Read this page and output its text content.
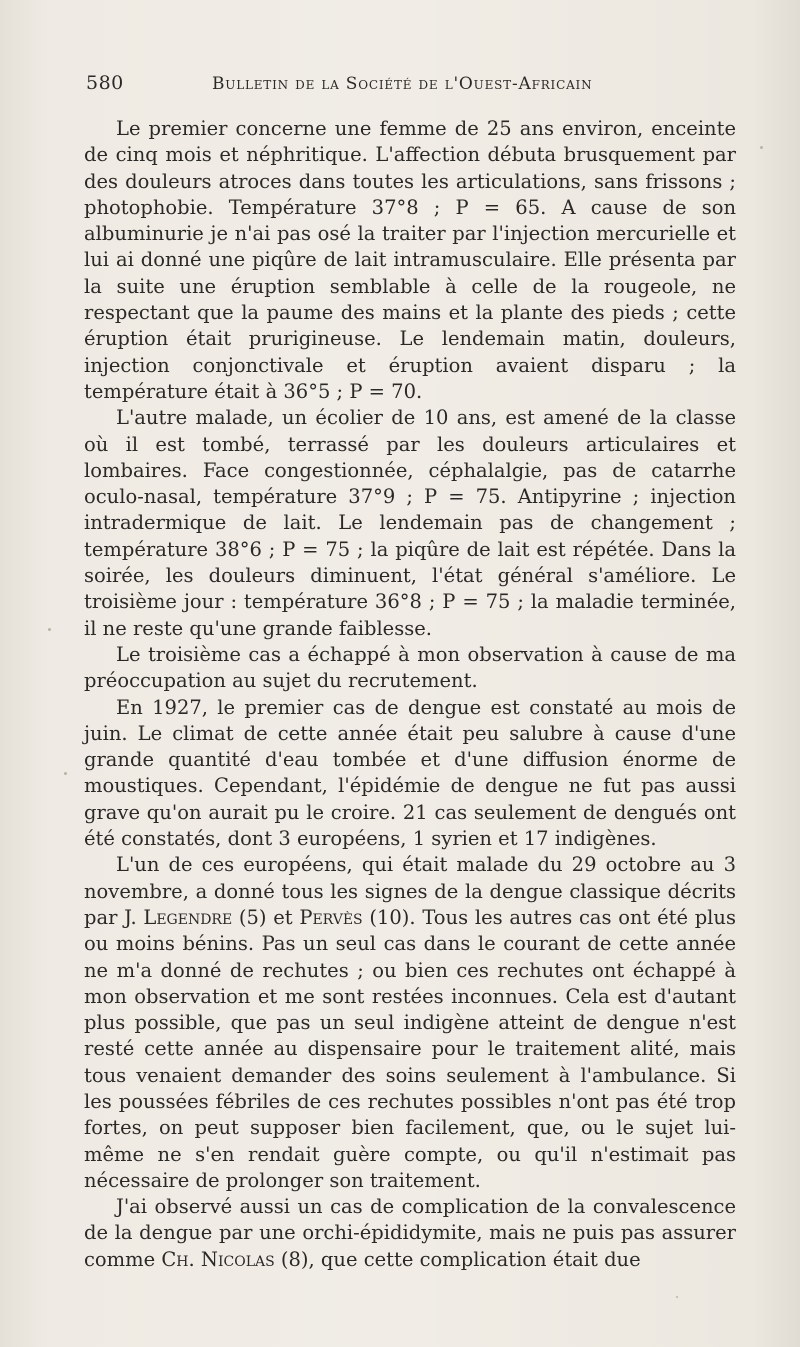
580	Bulletin de la Société de l'Ouest-Africain

Le premier concerne une femme de 25 ans environ, enceinte de cinq mois et néphritique. L'affection débuta brusquement par des douleurs atroces dans toutes les articulations, sans frissons ; photophobie. Température 37°8 ; P = 65. A cause de son albuminurie je n'ai pas osé la traiter par l'injection mercurielle et lui ai donné une piqûre de lait intramusculaire. Elle présenta par la suite une éruption semblable à celle de la rougeole, ne respectant que la paume des mains et la plante des pieds ; cette éruption était prurigineuse. Le lendemain matin, douleurs, injection conjonctivale et éruption avaient disparu ; la température était à 36°5 ; P = 70.

L'autre malade, un écolier de 10 ans, est amené de la classe où il est tombé, terrassé par les douleurs articulaires et lombaires. Face congestionnée, céphalalgie, pas de catarrhe oculo-nasal, température 37°9 ; P = 75. Antipyrine ; injection intradermique de lait. Le lendemain pas de changement ; température 38°6 ; P = 75 ; la piqûre de lait est répétée. Dans la soirée, les douleurs diminuent, l'état général s'améliore. Le troisième jour : température 36°8 ; P = 75 ; la maladie terminée, il ne reste qu'une grande faiblesse.

Le troisième cas a échappé à mon observation à cause de ma préoccupation au sujet du recrutement.

En 1927, le premier cas de dengue est constaté au mois de juin. Le climat de cette année était peu salubre à cause d'une grande quantité d'eau tombée et d'une diffusion énorme de moustiques. Cependant, l'épidémie de dengue ne fut pas aussi grave qu'on aurait pu le croire. 21 cas seulement de dengués ont été constatés, dont 3 européens, 1 syrien et 17 indigènes.

L'un de ces européens, qui était malade du 29 octobre au 3 novembre, a donné tous les signes de la dengue classique décrits par J. Legendre (5) et Pervès (10). Tous les autres cas ont été plus ou moins bénins. Pas un seul cas dans le courant de cette année ne m'a donné de rechutes ; ou bien ces rechutes ont échappé à mon observation et me sont restées inconnues. Cela est d'autant plus possible, que pas un seul indigène atteint de dengue n'est resté cette année au dispensaire pour le traitement alité, mais tous venaient demander des soins seulement à l'ambulance. Si les poussées fébriles de ces rechutes possibles n'ont pas été trop fortes, on peut supposer bien facilement, que, ou le sujet lui-même ne s'en rendait guère compte, ou qu'il n'estimait pas nécessaire de prolonger son traitement.

J'ai observé aussi un cas de complication de la convalescence de la dengue par une orchi-épididymite, mais ne puis pas assurer comme Ch. Nicolas (8), que cette complication était due
